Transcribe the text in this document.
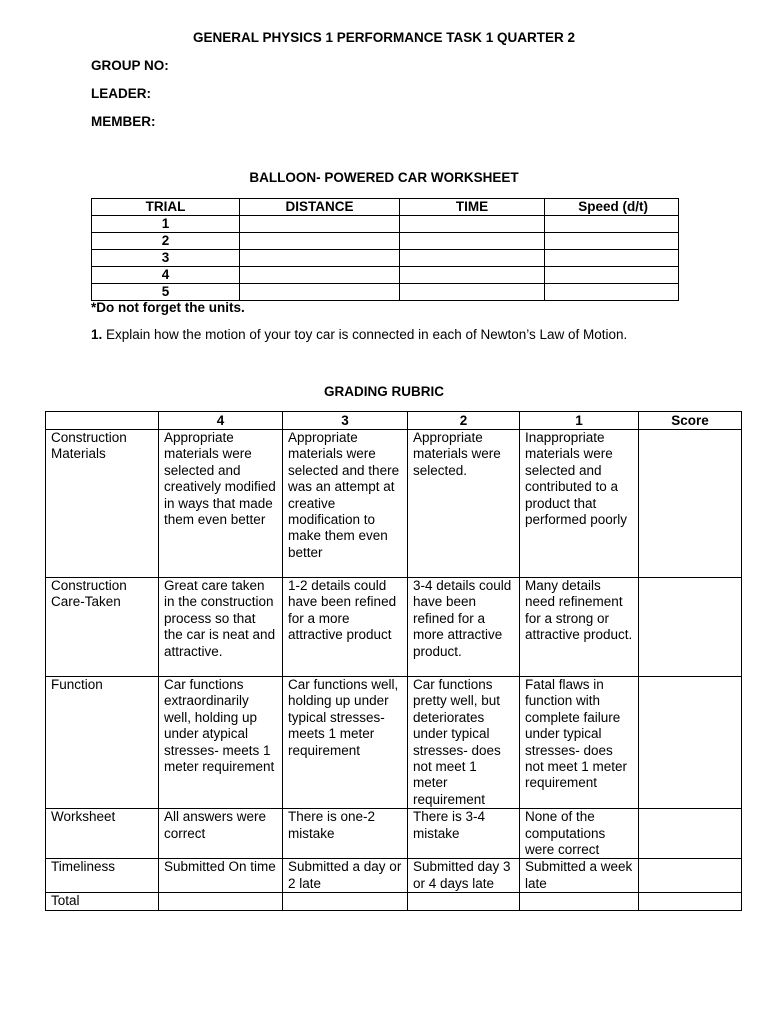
GENERAL PHYSICS 1 PERFORMANCE TASK 1 QUARTER 2
GROUP NO:
LEADER:
MEMBER:
BALLOON- POWERED CAR WORKSHEET
TRIAL	DISTANCE	TIME	Speed (d/t)
1			
2			
3			
4			
5			
*Do not forget the units.
1. Explain how the motion of your toy car is connected in each of Newton’s Law of Motion.
GRADING RUBRIC
	4	3	2	1	Score
Construction Materials	Appropriate materials were selected and creatively modified in ways that made them even better	Appropriate materials were selected and there was an attempt at creative modification to make them even better	Appropriate materials were selected.	Inappropriate materials were selected and contributed to a product that performed poorly	
Construction Care-Taken	Great care taken in the construction process so that the car is neat and attractive.	1-2 details could have been refined for a more attractive product	3-4 details could have been refined for a more attractive product.	Many details need refinement for a strong or attractive product.	
Function	Car functions extraordinarily well, holding up under atypical stresses- meets 1 meter requirement	Car functions well, holding up under typical stresses- meets 1 meter requirement	Car functions pretty well, but deteriorates under typical stresses- does not meet 1 meter requirement	Fatal flaws in function with complete failure under typical stresses- does not meet 1 meter requirement	
Worksheet	All answers were correct	There is one-2 mistake	There is 3-4 mistake	None of the computations were correct	
Timeliness	Submitted On time	Submitted a day or 2 late	Submitted day 3 or 4 days late	Submitted a week late	
Total					
